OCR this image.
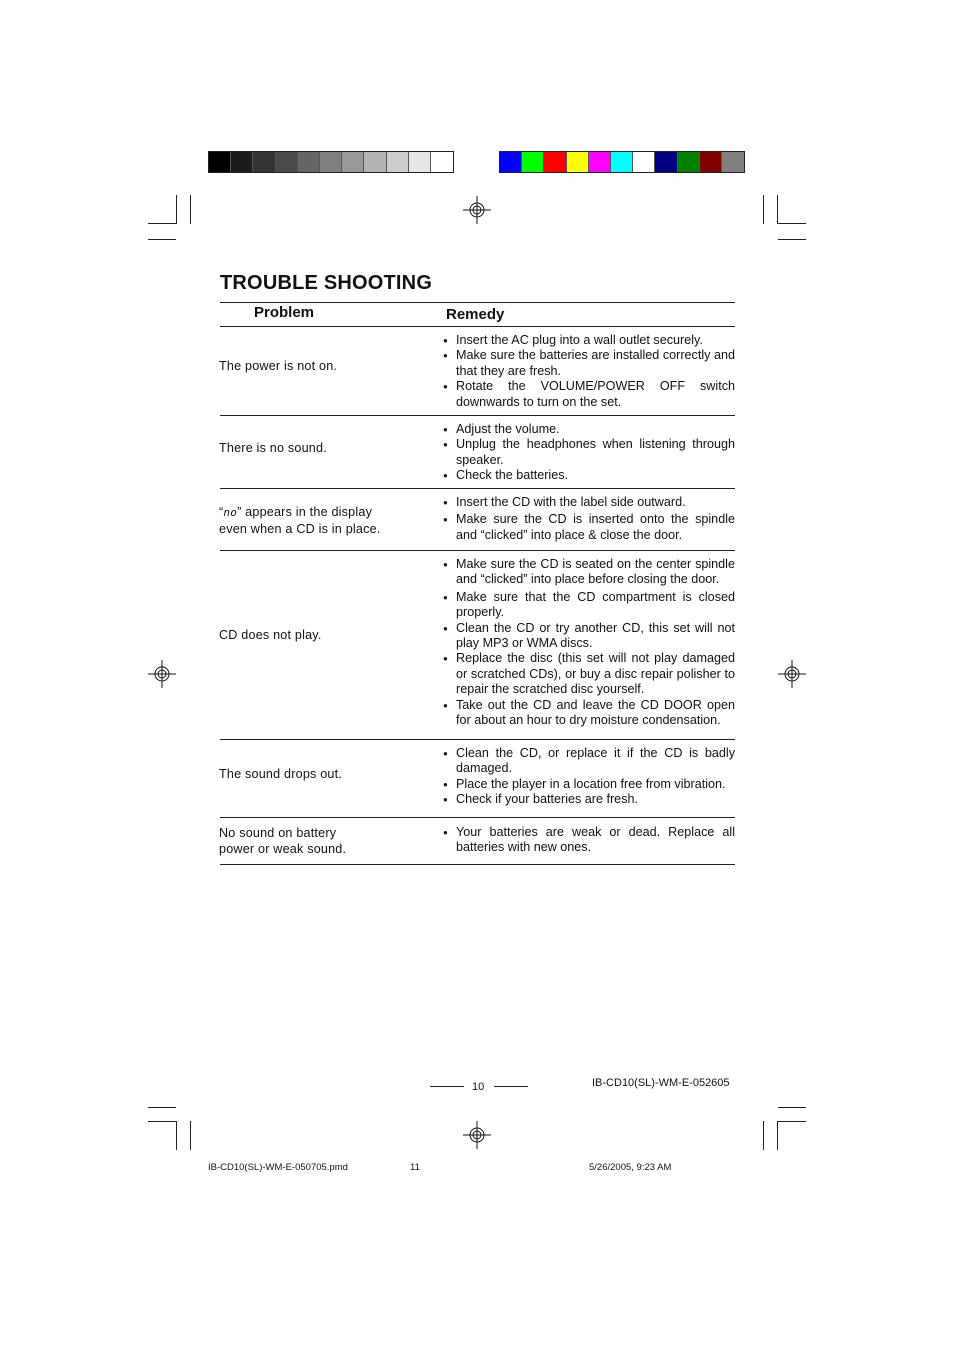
TROUBLE SHOOTING
Problem	Remedy
The power is not on.
● Insert the AC plug into a wall outlet securely.
● Make sure the batteries are installed correctly and that they are fresh.
● Rotate the VOLUME/POWER OFF switch downwards to turn on the set.
There is no sound.
● Adjust the volume.
● Unplug the headphones when listening through speaker.
● Check the batteries.
“no” appears in the display
even when a CD is in place.
● Insert the CD with the label side outward.
● Make sure the CD is inserted onto the spindle and “clicked” into place & close the door.
CD does not play.
● Make sure the CD is seated on the center spindle and “clicked” into place before closing the door.
● Make sure that the CD compartment is closed properly.
● Clean the CD or try another CD, this set will not play MP3 or WMA discs.
● Replace the disc (this set will not play damaged or scratched CDs), or buy a disc repair polisher to repair the scratched disc yourself.
● Take out the CD and leave the CD DOOR open for about an hour to dry moisture condensation.
The sound drops out.
● Clean the CD, or replace it if the CD is badly damaged.
● Place the player in a location free from vibration.
● Check if your batteries are fresh.
No sound on battery
power or weak sound.
● Your batteries are weak or dead. Replace all batteries with new ones.
10	IB-CD10(SL)-WM-E-052605
IB-CD10(SL)-WM-E-050705.pmd	11	5/26/2005, 9:23 AM
